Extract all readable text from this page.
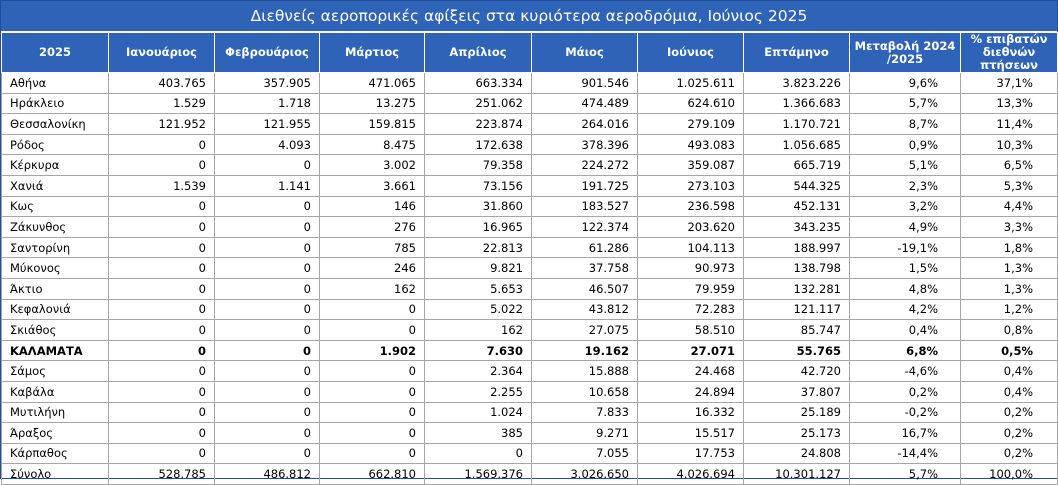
Διεθνείς αεροπορικές αφίξεις στα κυριότερα αεροδρόμια, Ιούνιος 2025
2025	Ιανουάριος	Φεβρουάριος	Μάρτιος	Απρίλιος	Μάιος	Ιούνιος	Επτάμηνο	Μεταβολή 2024 /2025	% επιβατών διεθνών πτήσεων
Αθήνα	403.765	357.905	471.065	663.334	901.546	1.025.611	3.823.226	9,6%	37,1%
Ηράκλειο	1.529	1.718	13.275	251.062	474.489	624.610	1.366.683	5,7%	13,3%
Θεσσαλονίκη	121.952	121.955	159.815	223.874	264.016	279.109	1.170.721	8,7%	11,4%
Ρόδος	0	4.093	8.475	172.638	378.396	493.083	1.056.685	0,9%	10,3%
Κέρκυρα	0	0	3.002	79.358	224.272	359.087	665.719	5,1%	6,5%
Χανιά	1.539	1.141	3.661	73.156	191.725	273.103	544.325	2,3%	5,3%
Κως	0	0	146	31.860	183.527	236.598	452.131	3,2%	4,4%
Ζάκυνθος	0	0	276	16.965	122.374	203.620	343.235	4,9%	3,3%
Σαντορίνη	0	0	785	22.813	61.286	104.113	188.997	-19,1%	1,8%
Μύκονος	0	0	246	9.821	37.758	90.973	138.798	1,5%	1,3%
Άκτιο	0	0	162	5.653	46.507	79.959	132.281	4,8%	1,3%
Κεφαλονιά	0	0	0	5.022	43.812	72.283	121.117	4,2%	1,2%
Σκιάθος	0	0	0	162	27.075	58.510	85.747	0,4%	0,8%
ΚΑΛΑΜΑΤΑ	0	0	1.902	7.630	19.162	27.071	55.765	6,8%	0,5%
Σάμος	0	0	0	2.364	15.888	24.468	42.720	-4,6%	0,4%
Καβάλα	0	0	0	2.255	10.658	24.894	37.807	0,2%	0,4%
Μυτιλήνη	0	0	0	1.024	7.833	16.332	25.189	-0,2%	0,2%
Άραξος	0	0	0	385	9.271	15.517	25.173	16,7%	0,2%
Κάρπαθος	0	0	0	0	7.055	17.753	24.808	-14,4%	0,2%
Σύνολο	528.785	486.812	662.810	1.569.376	3.026.650	4.026.694	10.301.127	5,7%	100,0%
